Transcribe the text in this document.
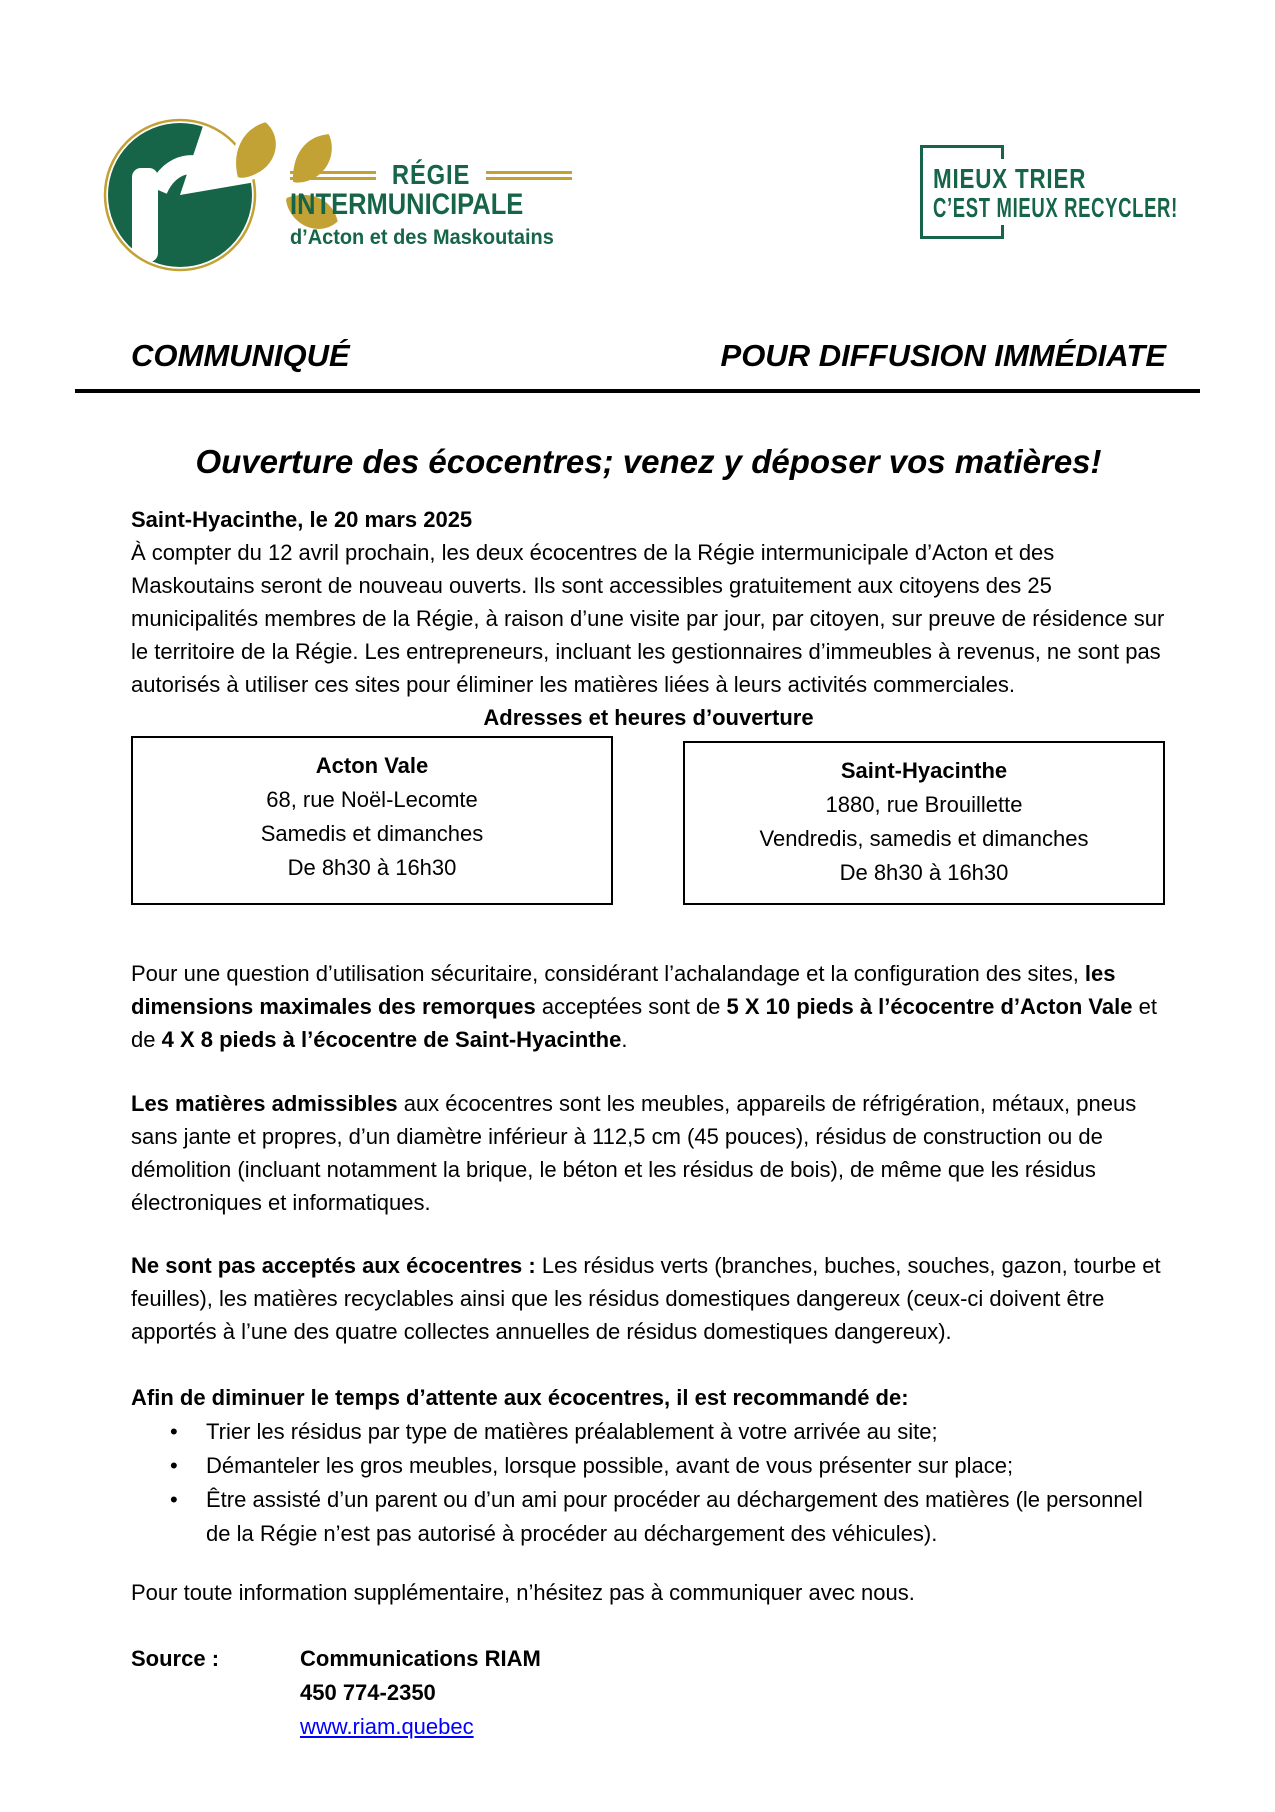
RÉGIE
INTERMUNICIPALE
d’Acton et des Maskoutains
MIEUX TRIER
C’EST MIEUX RECYCLER!
COMMUNIQUÉ	POUR DIFFUSION IMMÉDIATE
Ouverture des écocentres; venez y déposer vos matières!
Saint-Hyacinthe, le 20 mars 2025

À compter du 12 avril prochain, les deux écocentres de la Régie intermunicipale d’Acton et des Maskoutains seront de nouveau ouverts. Ils sont accessibles gratuitement aux citoyens des 25 municipalités membres de la Régie, à raison d’une visite par jour, par citoyen, sur preuve de résidence sur le territoire de la Régie. Les entrepreneurs, incluant les gestionnaires d’immeubles à revenus, ne sont pas autorisés à utiliser ces sites pour éliminer les matières liées à leurs activités commerciales.

Adresses et heures d’ouverture
Acton Vale
68, rue Noël-Lecomte
Samedis et dimanches
De 8h30 à 16h30
Saint-Hyacinthe
1880, rue Brouillette
Vendredis, samedis et dimanches
De 8h30 à 16h30

Pour une question d’utilisation sécuritaire, considérant l’achalandage et la configuration des sites, les dimensions maximales des remorques acceptées sont de 5 X 10 pieds à l’écocentre d’Acton Vale et de 4 X 8 pieds à l’écocentre de Saint-Hyacinthe.

Les matières admissibles aux écocentres sont les meubles, appareils de réfrigération, métaux, pneus sans jante et propres, d’un diamètre inférieur à 112,5 cm (45 pouces), résidus de construction ou de démolition (incluant notamment la brique, le béton et les résidus de bois), de même que les résidus électroniques et informatiques.

Ne sont pas acceptés aux écocentres : Les résidus verts (branches, buches, souches, gazon, tourbe et feuilles), les matières recyclables ainsi que les résidus domestiques dangereux (ceux-ci doivent être apportés à l’une des quatre collectes annuelles de résidus domestiques dangereux).

Afin de diminuer le temps d’attente aux écocentres, il est recommandé de:
• Trier les résidus par type de matières préalablement à votre arrivée au site;
• Démanteler les gros meubles, lorsque possible, avant de vous présenter sur place;
• Être assisté d’un parent ou d’un ami pour procéder au déchargement des matières (le personnel de la Régie n’est pas autorisé à procéder au déchargement des véhicules).

Pour toute information supplémentaire, n’hésitez pas à communiquer avec nous.

Source :	Communications RIAM
450 774-2350
www.riam.quebec
